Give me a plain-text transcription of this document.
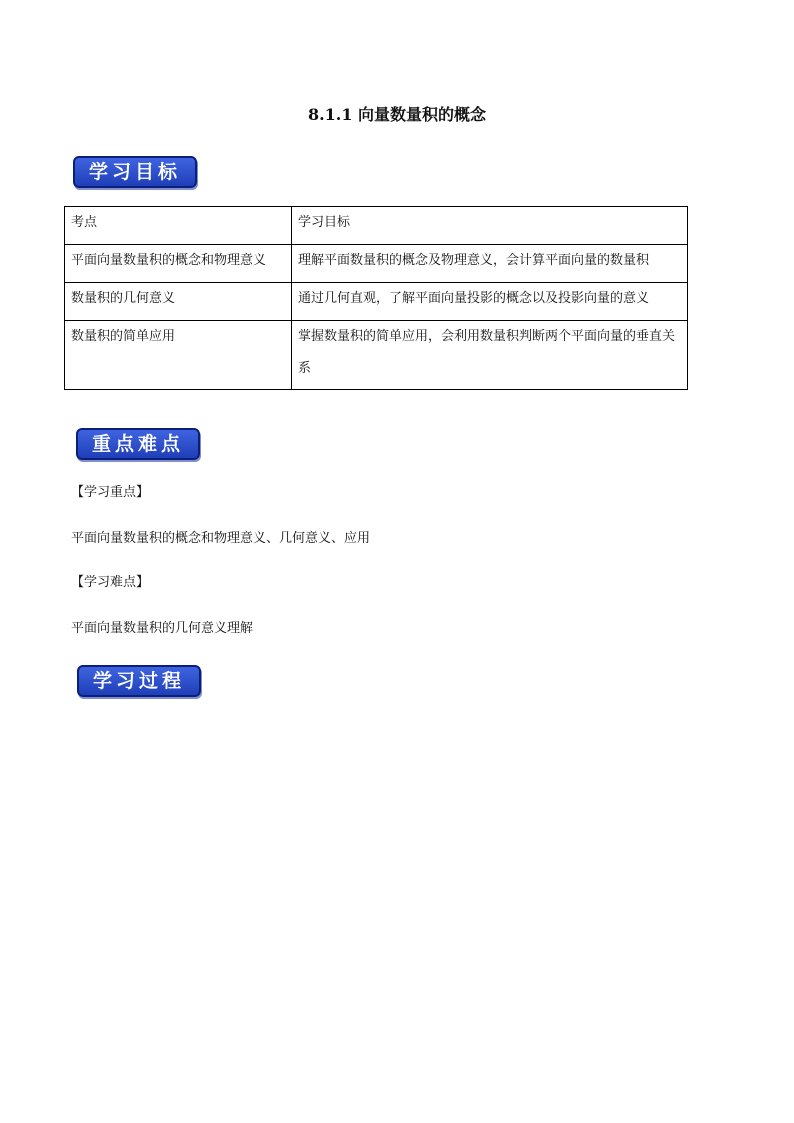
8.1.1 向量数量积的概念
学习目标
考点	学习目标
平面向量数量积的概念和物理意义	理解平面数量积的概念及物理意义，会计算平面向量的数量积
数量积的几何意义	通过几何直观，了解平面向量投影的概念以及投影向量的意义
数量积的简单应用	掌握数量积的简单应用，会利用数量积判断两个平面向量的垂直关系
重点难点
【学习重点】
平面向量数量积的概念和物理意义、几何意义、应用
【学习难点】
平面向量数量积的几何意义理解
学习过程
